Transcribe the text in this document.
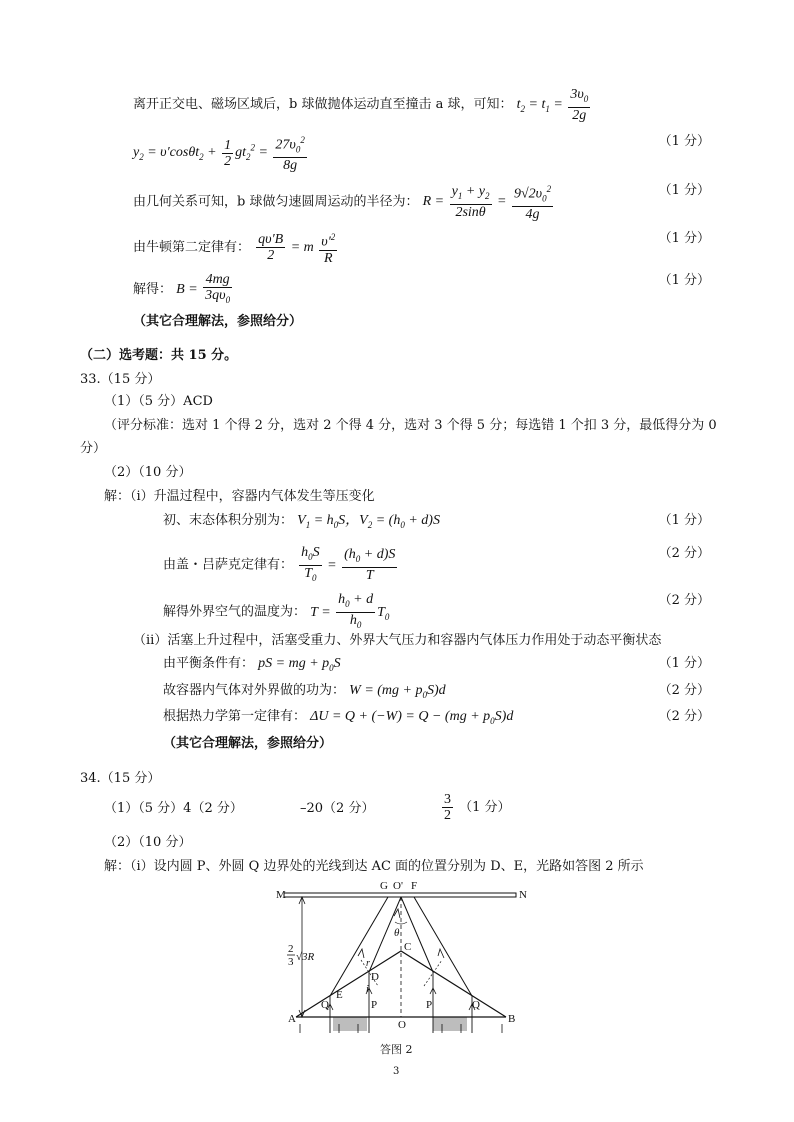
离开正交电、磁场区域后，b 球做抛体运动直至撞击 a 球，可知： $t_2 = t_1 = \frac{3\upsilon_0}{2g}$
$y_2 = \upsilon'\cos\theta t_2 + \frac{1}{2} gt_2^2 = \frac{27\upsilon_0^2}{8g}$	（1 分）
由几何关系可知，b 球做匀速圆周运动的半径为： $R = \frac{y_1 + y_2}{2\sin\theta} = \frac{9√2\upsilon_0^2}{4g}$	（1 分）
由牛顿第二定律有： $\frac{q\upsilon'B}{2} = m \frac{\upsilon'^2}{R}$	（1 分）
解得： $B = \frac{4mg}{3q\upsilon_0}$	（1 分）
（其它合理解法，参照给分）
（二）选考题：共 15 分。
33.（15 分）
（1）（5 分）ACD
（评分标准：选对 1 个得 2 分，选对 2 个得 4 分，选对 3 个得 5 分；每选错 1 个扣 3 分，最低得分为 0
分）
（2）（10 分）
解：（i）升温过程中，容器内气体发生等压变化
初、末态体积分别为： $V_1 = h_0S$，$V_2 = (h_0 + d)S$	（1 分）
由盖・吕萨克定律有： $\frac{h_0S}{T_0} = \frac{(h_0 + d)S}{T}$	（2 分）
解得外界空气的温度为： $T = \frac{h_0 + d}{h_0} T_0$
（2 分）
（ii）活塞上升过程中，活塞受重力、外界大气压力和容器内气体压力作用处于动态平衡状态
由平衡条件有： pS = mg + $p_0S$	（1 分）
故容器内气体对外界做的功为： $W = (mg + p_0S)d$	（2 分）
根据热力学第一定律有： $\Delta U = Q + (-W) = Q - (mg + p_0S)d$	（2 分）
（其它合理解法，参照给分）
34.（15 分）
（1）（5 分）4（2 分）	–20（2 分）	$\frac{3}{2} (1$ 分）
（2）（10 分）
解：（i）设内圆 P、外圆 Q 边界处的光线到达 AC 面的位置分别为 D、E，光路如答图 2 所示
M	N
G O' F
A	B
C
D
E
O
P	P
Q	Q
θ
r
i
2
3 √3R
答图 2
3
